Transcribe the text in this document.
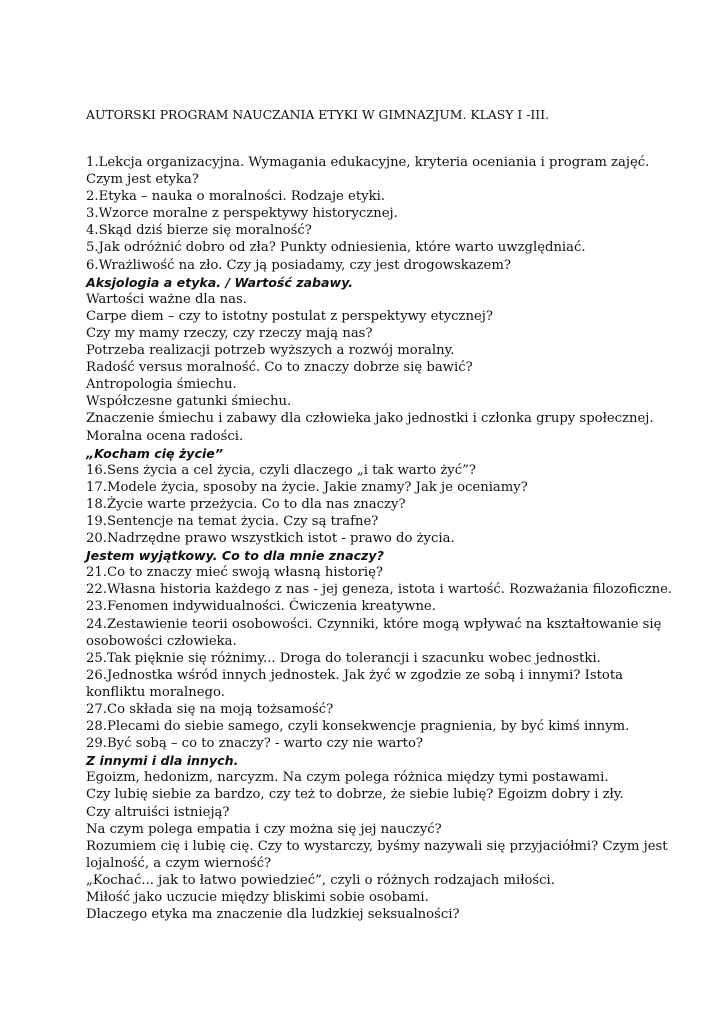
AUTORSKI PROGRAM NAUCZANIA ETYKI W GIMNAZJUM. KLASY I -III.
1.Lekcja organizacyjna. Wymagania edukacyjne, kryteria oceniania i program zajęć.
Czym jest etyka?
2.Etyka – nauka o moralności. Rodzaje etyki.
3.Wzorce moralne z perspektywy historycznej.
4.Skąd dziś bierze się moralność?
5.Jak odróżnić dobro od zła? Punkty odniesienia, które warto uwzględniać.
6.Wrażliwość na zło. Czy ją posiadamy, czy jest drogowskazem?
Aksjologia a etyka. / Wartość zabawy.
Wartości ważne dla nas.
Carpe diem – czy to istotny postulat z perspektywy etycznej?
Czy my mamy rzeczy, czy rzeczy mają nas?
Potrzeba realizacji potrzeb wyższych a rozwój moralny.
Radość versus moralność. Co to znaczy dobrze się bawić?
Antropologia śmiechu.
Współczesne gatunki śmiechu.
Znaczenie śmiechu i zabawy dla człowieka jako jednostki i członka grupy społecznej.
Moralna ocena radości.
„Kocham cię życie”
16.Sens życia a cel życia, czyli dlaczego „i tak warto żyć”?
17.Modele życia, sposoby na życie. Jakie znamy? Jak je oceniamy?
18.Życie warte przeżycia. Co to dla nas znaczy?
19.Sentencje na temat życia. Czy są trafne?
20.Nadrzędne prawo wszystkich istot - prawo do życia.
Jestem wyjątkowy. Co to dla mnie znaczy?
21.Co to znaczy mieć swoją własną historię?
22.Własna historia każdego z nas - jej geneza, istota i wartość. Rozważania filozoficzne.
23.Fenomen indywidualności. Ćwiczenia kreatywne.
24.Zestawienie teorii osobowości. Czynniki, które mogą wpływać na kształtowanie się
osobowości człowieka.
25.Tak pięknie się różnimy... Droga do tolerancji i szacunku wobec jednostki.
26.Jednostka wśród innych jednostek. Jak żyć w zgodzie ze sobą i innymi? Istota
konfliktu moralnego.
27.Co składa się na moją tożsamość?
28.Plecami do siebie samego, czyli konsekwencje pragnienia, by być kimś innym.
29.Być sobą – co to znaczy? - warto czy nie warto?
Z innymi i dla innych.
Egoizm, hedonizm, narcyzm. Na czym polega różnica między tymi postawami.
Czy lubię siebie za bardzo, czy też to dobrze, że siebie lubię? Egoizm dobry i zły.
Czy altruiści istnieją?
Na czym polega empatia i czy można się jej nauczyć?
Rozumiem cię i lubię cię. Czy to wystarczy, byśmy nazywali się przyjaciółmi? Czym jest
lojalność, a czym wierność?
„Kochać... jak to łatwo powiedzieć”, czyli o różnych rodzajach miłości.
Miłość jako uczucie między bliskimi sobie osobami.
Dlaczego etyka ma znaczenie dla ludzkiej seksualności?
